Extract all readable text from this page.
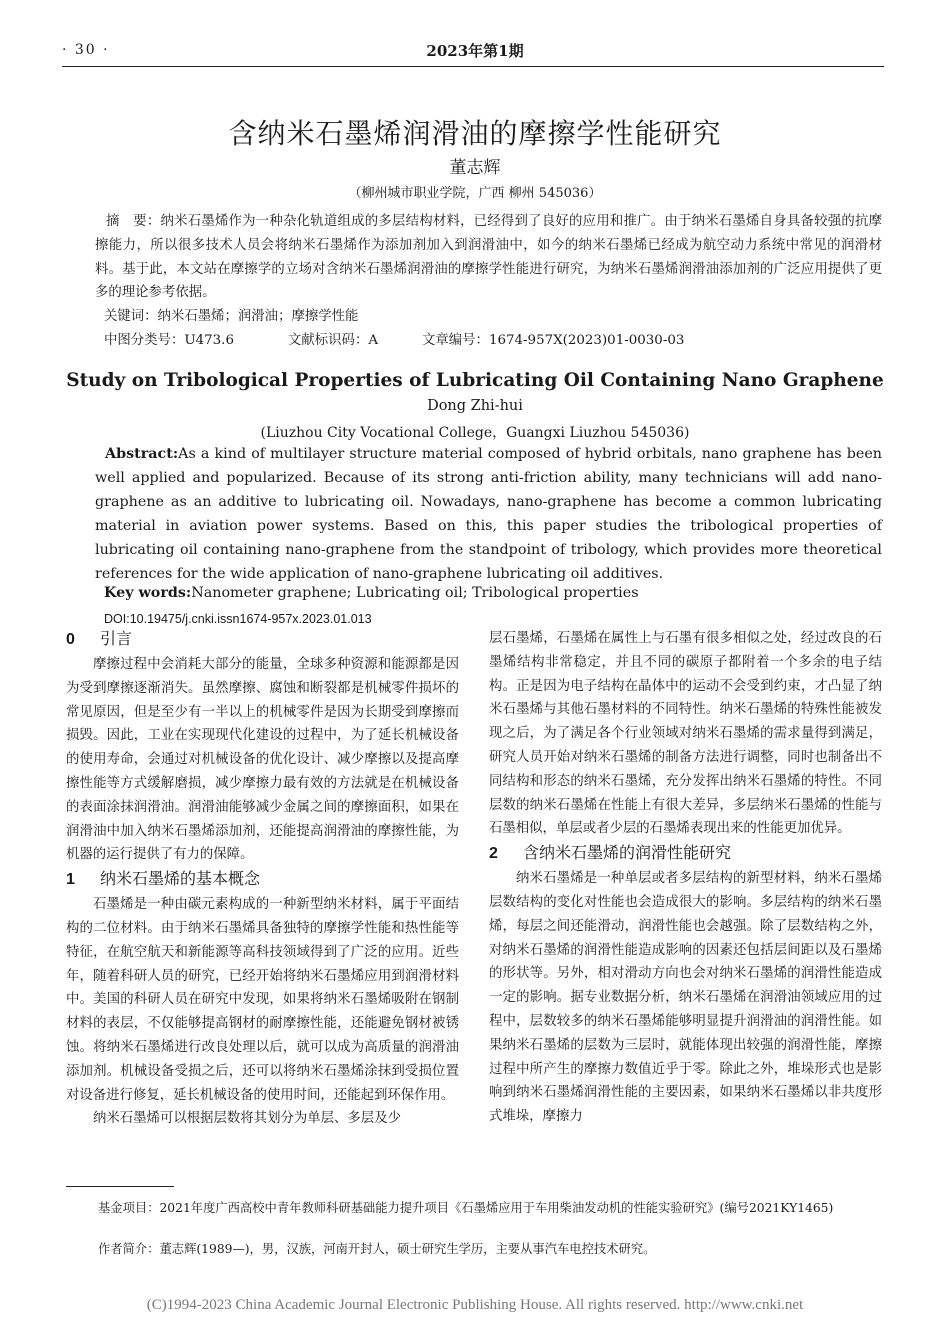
· 30 ·	2023年第1期
含纳米石墨烯润滑油的摩擦学性能研究
董志辉
（柳州城市职业学院，广西 柳州 545036）
摘　要：纳米石墨烯作为一种杂化轨道组成的多层结构材料，已经得到了良好的应用和推广。由于纳米石墨烯自身具备较强的抗摩擦能力，所以很多技术人员会将纳米石墨烯作为添加剂加入到润滑油中，如今的纳米石墨烯已经成为航空动力系统中常见的润滑材料。基于此，本文站在摩擦学的立场对含纳米石墨烯润滑油的摩擦学性能进行研究，为纳米石墨烯润滑油添加剂的广泛应用提供了更多的理论参考依据。
关键词：纳米石墨烯；润滑油；摩擦学性能
中图分类号：U473.6	文献标识码：A	文章编号：1674-957X(2023)01-0030-03
Study on Tribological Properties of Lubricating Oil Containing Nano Graphene
Dong Zhi-hui
(Liuzhou City Vocational College，Guangxi Liuzhou 545036)
Abstract:As a kind of multilayer structure material composed of hybrid orbitals, nano graphene has been well applied and popularized. Because of its strong anti-friction ability, many technicians will add nano-graphene as an additive to lubricating oil. Nowadays, nano-graphene has become a common lubricating material in aviation power systems. Based on this, this paper studies the tribological properties of lubricating oil containing nano-graphene from the standpoint of tribology, which provides more theoretical references for the wide application of nano-graphene lubricating oil additives.
Key words:Nanometer graphene; Lubricating oil; Tribological properties
DOI:10.19475/j.cnki.issn1674-957x.2023.01.013
0 引言

摩擦过程中会消耗大部分的能量，全球多种资源和能源都是因为受到摩擦逐渐消失。虽然摩擦、腐蚀和断裂都是机械零件损坏的常见原因，但是至少有一半以上的机械零件是因为长期受到摩擦而损毁。因此，工业在实现现代化建设的过程中，为了延长机械设备的使用寿命，会通过对机械设备的优化设计、减少摩擦以及提高摩擦性能等方式缓解磨损，减少摩擦力最有效的方法就是在机械设备的表面涂抹润滑油。润滑油能够减少金属之间的摩擦面积，如果在润滑油中加入纳米石墨烯添加剂，还能提高润滑油的摩擦性能，为机器的运行提供了有力的保障。

1 纳米石墨烯的基本概念

石墨烯是一种由碳元素构成的一种新型纳米材料，属于平面结构的二位材料。由于纳米石墨烯具备独特的摩擦学性能和热性能等特征，在航空航天和新能源等高科技领域得到了广泛的应用。近些年，随着科研人员的研究，已经开始将纳米石墨烯应用到润滑材料中。美国的科研人员在研究中发现，如果将纳米石墨烯吸附在钢制材料的表层，不仅能够提高钢材的耐摩擦性能，还能避免钢材被锈蚀。将纳米石墨烯进行改良处理以后，就可以成为高质量的润滑油添加剂。机械设备受损之后，还可以将纳米石墨烯涂抹到受损位置对设备进行修复，延长机械设备的使用时间，还能起到环保作用。

纳米石墨烯可以根据层数将其划分为单层、多层及少

层石墨烯，石墨烯在属性上与石墨有很多相似之处，经过改良的石墨烯结构非常稳定，并且不同的碳原子都附着一个多余的电子结构。正是因为电子结构在晶体中的运动不会受到约束，才凸显了纳米石墨烯与其他石墨材料的不同特性。纳米石墨烯的特殊性能被发现之后，为了满足各个行业领域对纳米石墨烯的需求量得到满足，研究人员开始对纳米石墨烯的制备方法进行调整，同时也制备出不同结构和形态的纳米石墨烯，充分发挥出纳米石墨烯的特性。不同层数的纳米石墨烯在性能上有很大差异，多层纳米石墨烯的性能与石墨相似，单层或者少层的石墨烯表现出来的性能更加优异。

2 含纳米石墨烯的润滑性能研究

纳米石墨烯是一种单层或者多层结构的新型材料，纳米石墨烯层数结构的变化对性能也会造成很大的影响。多层结构的纳米石墨烯，每层之间还能滑动，润滑性能也会越强。除了层数结构之外，对纳米石墨烯的润滑性能造成影响的因素还包括层间距以及石墨烯的形状等。另外，相对滑动方向也会对纳米石墨烯的润滑性能造成一定的影响。据专业数据分析，纳米石墨烯在润滑油领域应用的过程中，层数较多的纳米石墨烯能够明显提升润滑油的润滑性能。如果纳米石墨烯的层数为三层时，就能体现出较强的润滑性能，摩擦过程中所产生的摩擦力数值近乎于零。除此之外，堆垛形式也是影响到纳米石墨烯润滑性能的主要因素，如果纳米石墨烯以非共度形式堆垛，摩擦力

基金项目：2021年度广西高校中青年教师科研基础能力提升项目《石墨烯应用于车用柴油发动机的性能实验研究》(编号2021KY1465)
作者简介：董志辉(1989—)，男，汉族，河南开封人，硕士研究生学历，主要从事汽车电控技术研究。
(C)1994-2023 China Academic Journal Electronic Publishing House. All rights reserved. http://www.cnki.net
